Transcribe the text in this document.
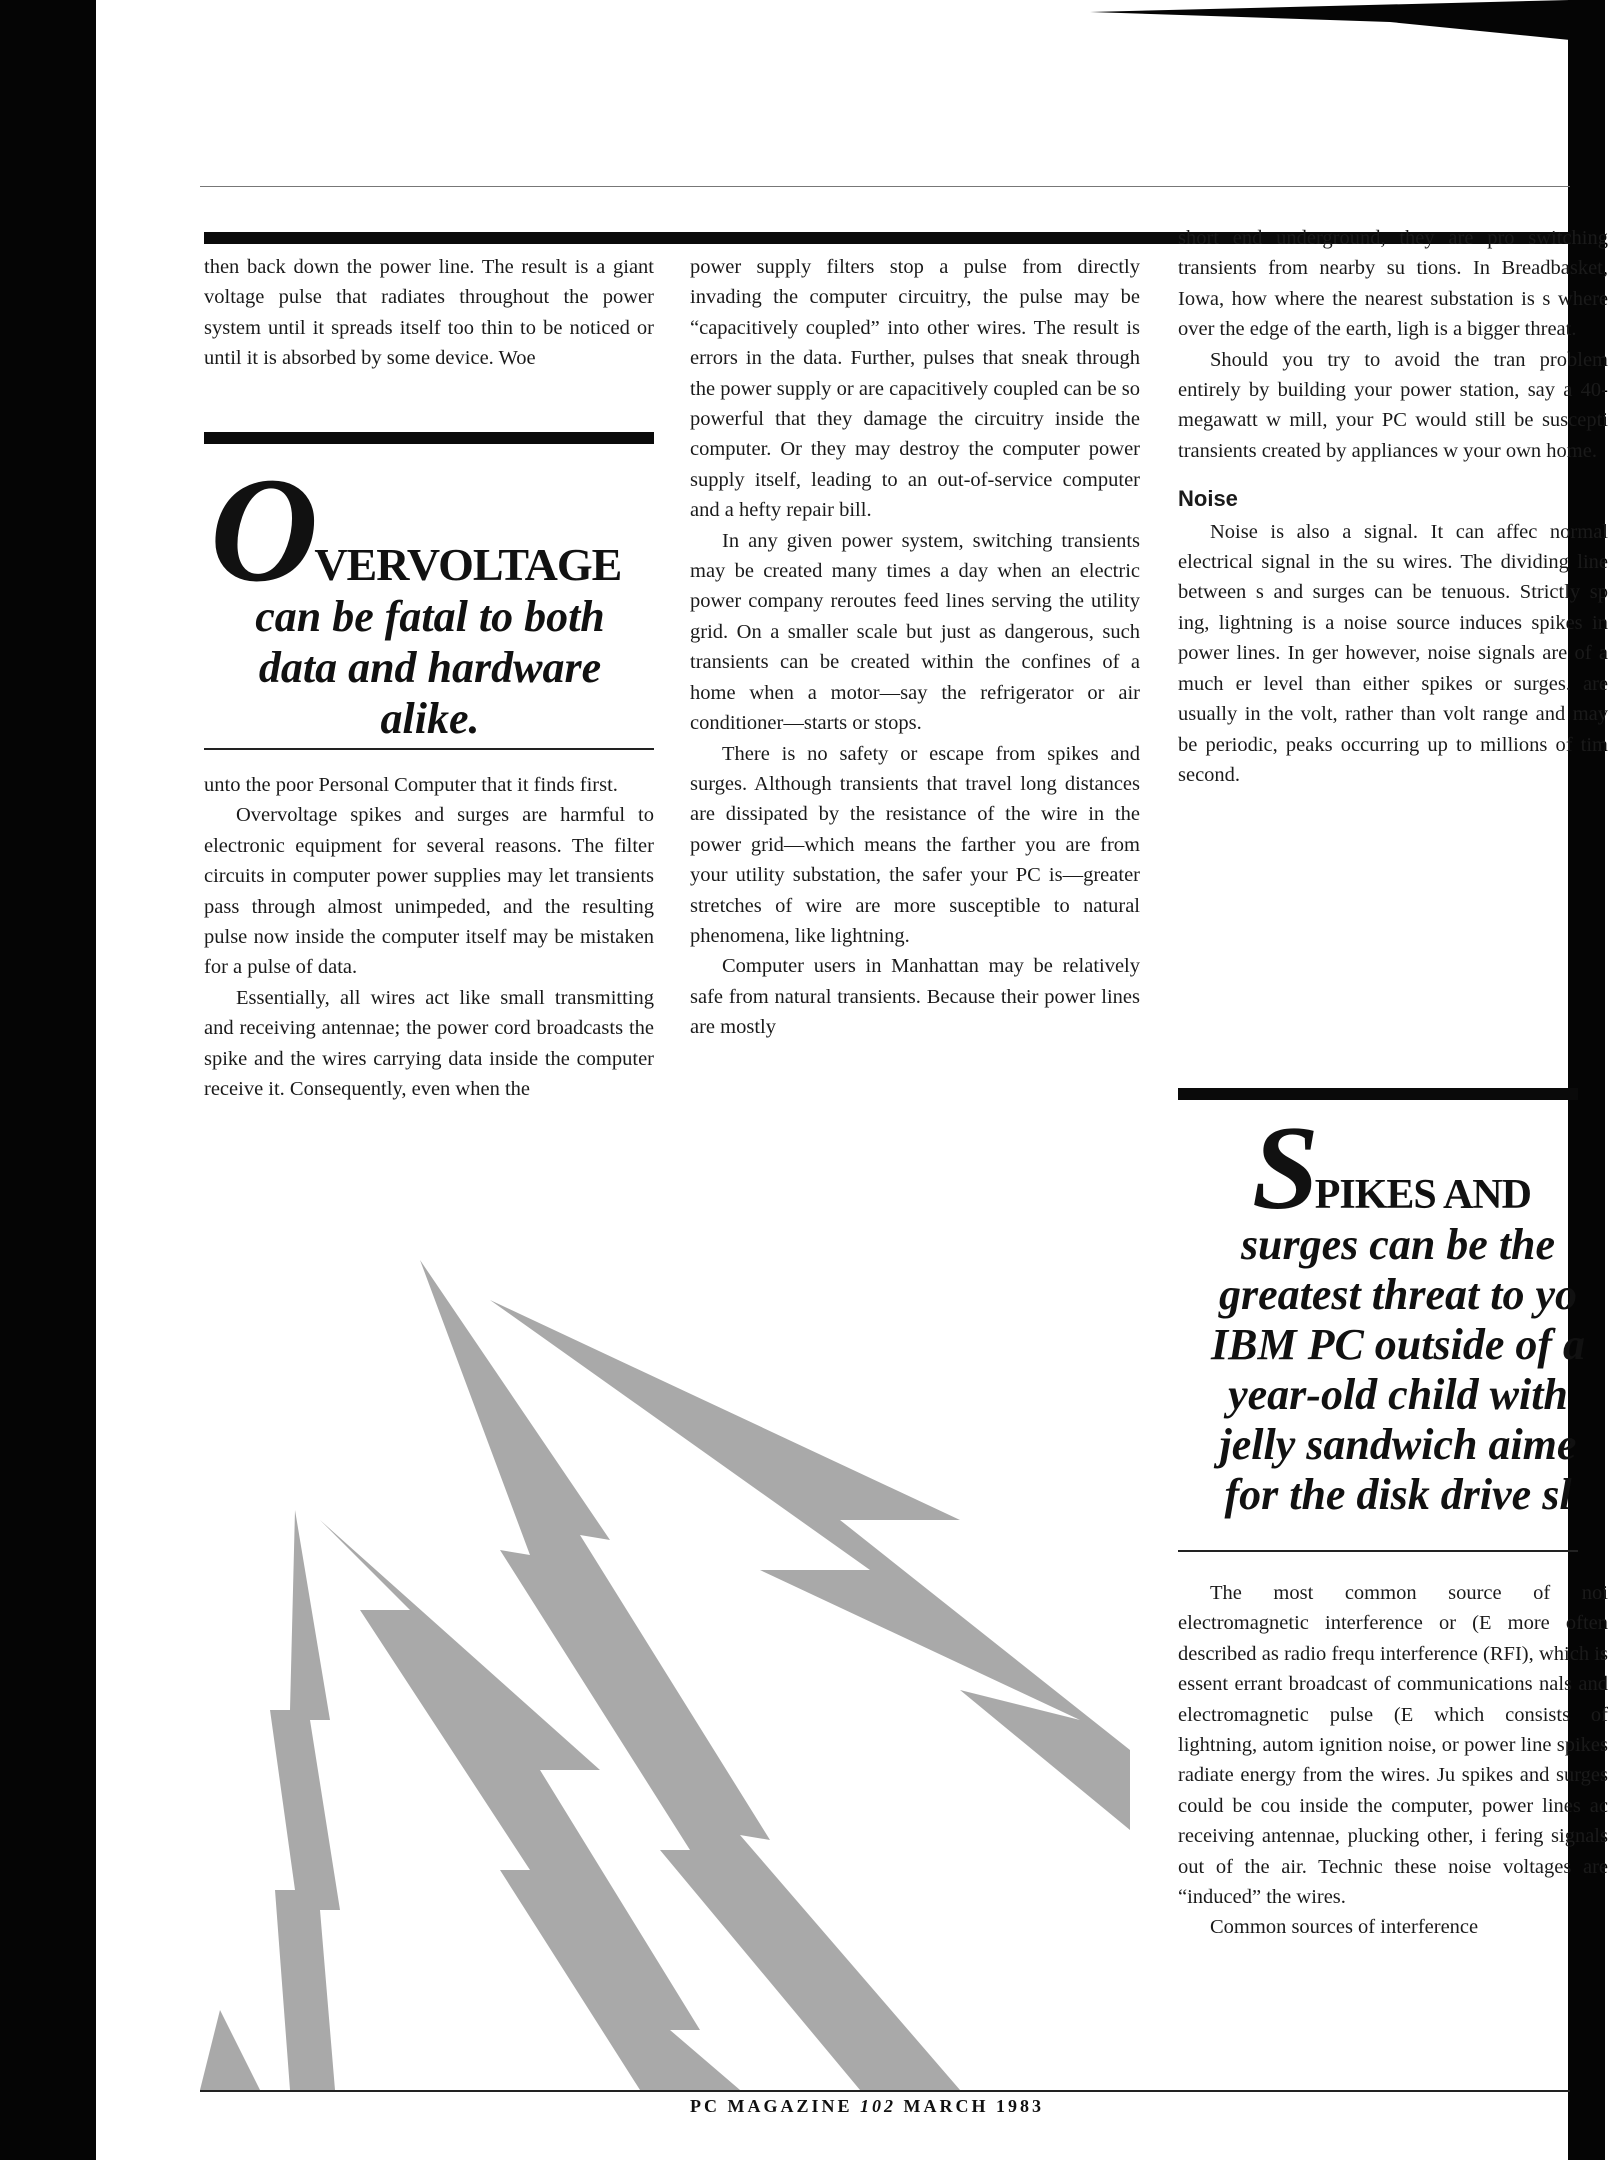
then back down the power line. The result is a giant voltage pulse that radiates throughout the power system until it spreads itself too thin to be noticed or until it is absorbed by some device. Woe

OVERVOLTAGE
can be fatal to both
data and hardware
alike.

unto the poor Personal Computer that it finds first.

Overvoltage spikes and surges are harmful to electronic equipment for several reasons. The filter circuits in computer power supplies may let transients pass through almost unimpeded, and the resulting pulse now inside the computer itself may be mistaken for a pulse of data.

Essentially, all wires act like small transmitting and receiving antennae; the power cord broadcasts the spike and the wires carrying data inside the computer receive it. Consequently, even when the

power supply filters stop a pulse from directly invading the computer circuitry, the pulse may be “capacitively coupled” into other wires. The result is errors in the data. Further, pulses that sneak through the power supply or are capacitively coupled can be so powerful that they damage the circuitry inside the computer. Or they may destroy the computer power supply itself, leading to an out-of-service computer and a hefty repair bill.

In any given power system, switching transients may be created many times a day when an electric power company reroutes feed lines serving the utility grid. On a smaller scale but just as dangerous, such transients can be created within the confines of a home when a motor—say the refrigerator or air conditioner—starts or stops.

There is no safety or escape from spikes and surges. Although transients that travel long distances are dissipated by the resistance of the wire in the power grid—which means the farther you are from your utility substation, the safer your PC is—greater stretches of wire are more susceptible to natural phenomena, like lightning.

Computer users in Manhattan may be relatively safe from natural transients. Because their power lines are mostly

short end underground, they are pro switching transients from nearby su tions. In Breadbasket, Iowa, how where the nearest substation is s where over the edge of the earth, ligh is a bigger threat.

Should you try to avoid the tran problem entirely by building your power station, say a 40-megawatt w mill, your PC would still be suscepti transients created by appliances w your own home.

Noise

Noise is also a signal. It can affec normal electrical signal in the su wires. The dividing line between s and surges can be tenuous. Strictly sp ing, lightning is a noise source induces spikes in power lines. In ger however, noise signals are of a much er level than either spikes or surges. are usually in the volt, rather than volt range and may be periodic, peaks occurring up to millions of tim second.

SPIKES AND
surges can be the
greatest threat to yo
IBM PC outside of a
year-old child with
jelly sandwich aime
for the disk drive sl

The most common source of noi electromagnetic interference or (E more often described as radio frequ interference (RFI), which is essent errant broadcast of communications nals and electromagnetic pulse (E which consists of lightning, autom ignition noise, or power line spikes radiate energy from the wires. Ju spikes and surges could be cou inside the computer, power lines ac receiving antennae, plucking other, i fering signals out of the air. Technic these noise voltages are “induced” the wires.

Common sources of interference

PC MAGAZINE 102 MARCH 1983
